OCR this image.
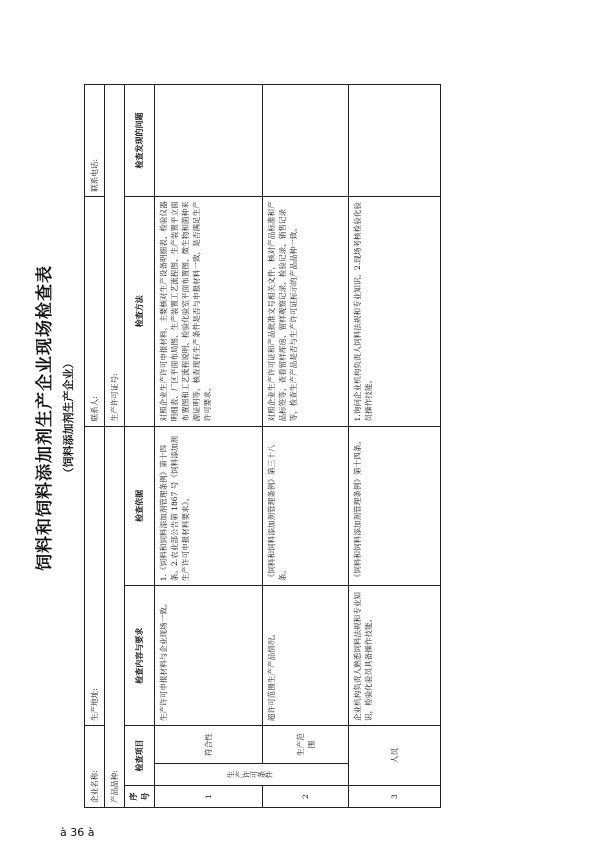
饲料和饲料添加剂生产企业现场检查表 （饲料添加剂生产企业）
企业名称:			生产地址:		联系人:	联系电话:
产品品种:					生产许可证号:	
序号	检查项目		检查内容与要求	检查依据	检查方法	检查发现的问题
1	生产许可条件	符合性	生产许可申报材料与企业现场一致。	1.《饲料和饲料添加剂管理条例》第十四条。2.农业部公告第 1867 号《饲料添加剂生产许可申报材料要求》。	对照企业生产许可申报材料，主要核对生产设备明细表、检验仪器明细表、厂区平面布局图、生产装置工艺流程图、生产装置平立面布置图和工艺流程说明、检验化验室平面布置图、微生物和菌种来源证明等，核查现有生产条件是否与申报材料一致，是否满足生产许可要求。	
2		生产范围	超许可范围生产产品情况。	《饲料和饲料添加剂管理条例》第三十八条。	对照企业生产许可证和产品批准文号相关文件，核对产品标准和产品标签等，查看留样库房、留样观察记录、检验记录、销售记录等，检查生产产品是否与生产许可证标示的产品品种一致。	
3	人员		企业机构负责人熟悉饲料法规和专业知识，检验化验员具备操作技能。	《饲料和饲料添加剂管理条例》第十四条。	1.询问企业机构负责人饲料法规和专业知识。2.现场考核检验化验员操作技能。	
à 36 à
